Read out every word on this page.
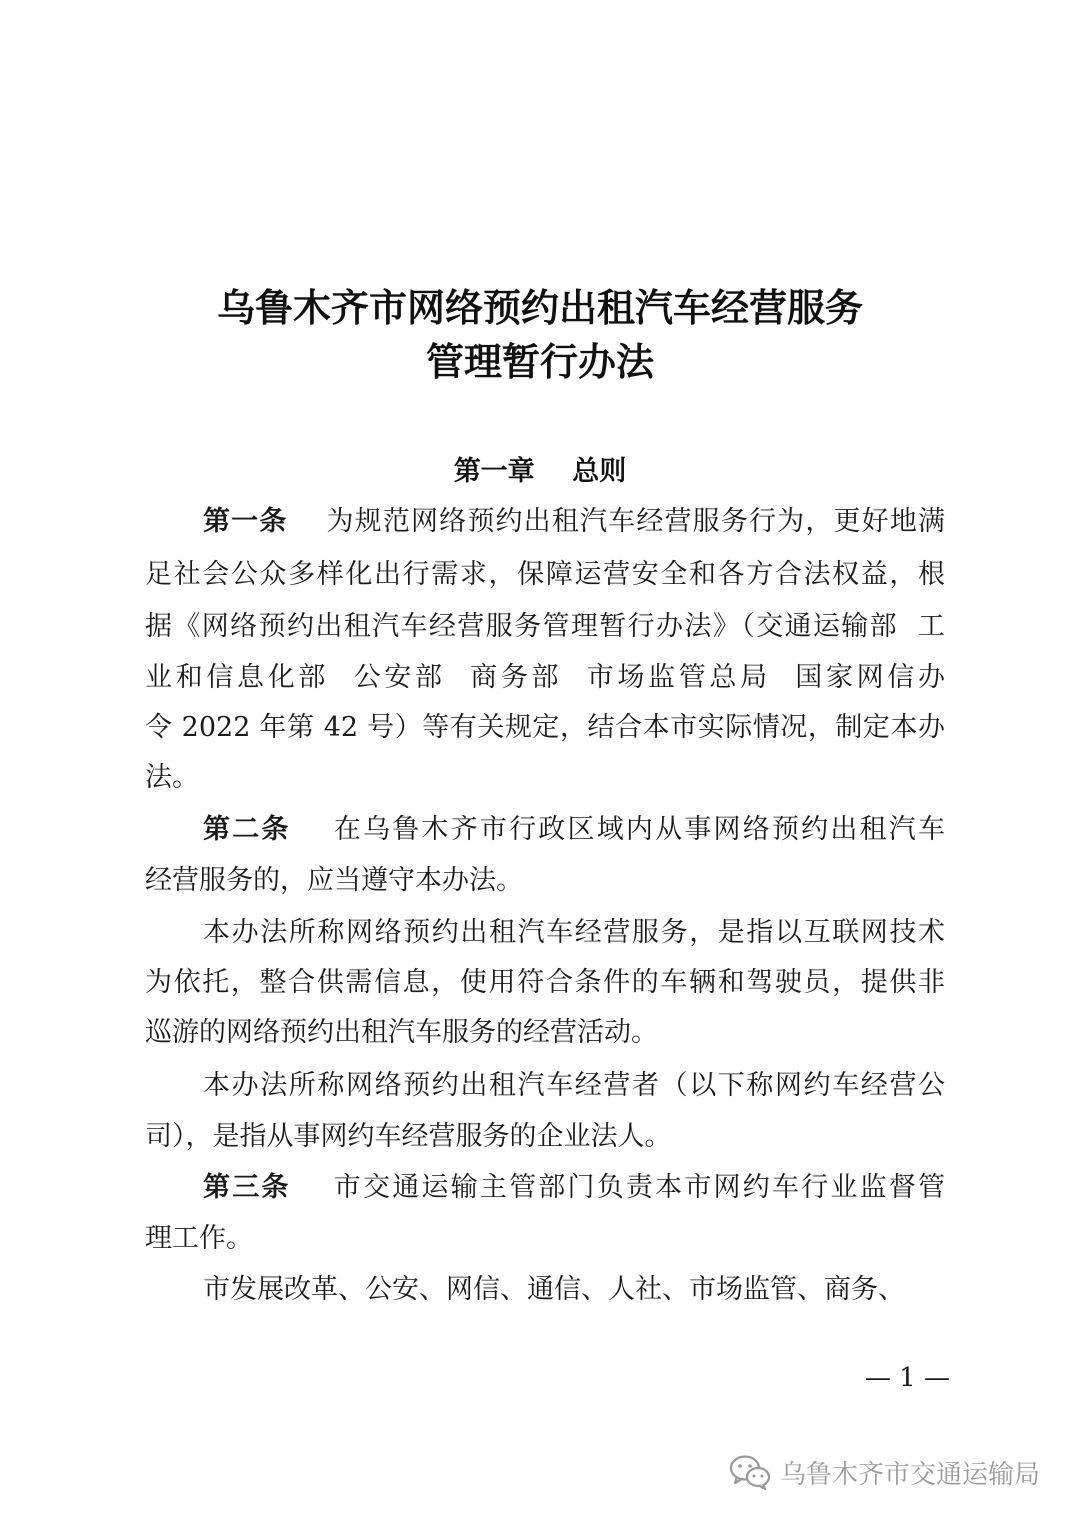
乌鲁木齐市网络预约出租汽车经营服务
管理暂行办法
第一章    总则
第一条    为规范网络预约出租汽车经营服务行为，更好地满
足社会公众多样化出行需求，保障运营安全和各方合法权益，根
据《网络预约出租汽车经营服务管理暂行办法》（交通运输部  工
业和信息化部  公安部  商务部  市场监管总局  国家网信办
令 2022 年第 42 号）等有关规定，结合本市实际情况，制定本办
法。
第二条    在乌鲁木齐市行政区域内从事网络预约出租汽车
经营服务的，应当遵守本办法。
本办法所称网络预约出租汽车经营服务，是指以互联网技术
为依托，整合供需信息，使用符合条件的车辆和驾驶员，提供非
巡游的网络预约出租汽车服务的经营活动。
本办法所称网络预约出租汽车经营者（以下称网约车经营公
司），是指从事网约车经营服务的企业法人。
第三条    市交通运输主管部门负责本市网约车行业监督管
理工作。
市发展改革、公安、网信、通信、人社、市场监管、商务、
— 1 —
乌鲁木齐市交通运输局
